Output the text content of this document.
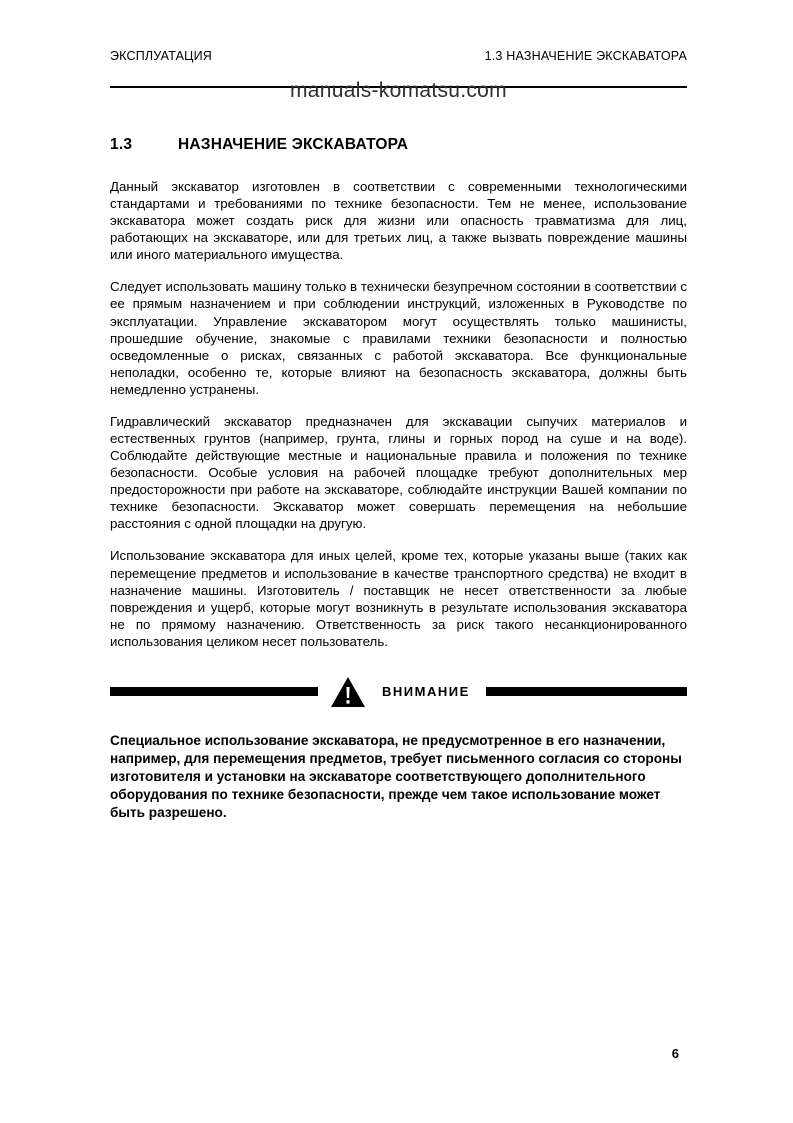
ЭКСПЛУАТАЦИЯ	1.3 НАЗНАЧЕНИЕ ЭКСКАВАТОРА
manuals-komatsu.com
1.3	НАЗНАЧЕНИЕ ЭКСКАВАТОРА

Данный экскаватор изготовлен в соответствии с современными технологическими стандартами и требованиями по технике безопасности. Тем не менее, использование экскаватора может создать риск для жизни или опасность травматизма для лиц, работающих на экскаваторе, или для третьих лиц, а также вызвать повреждение машины или иного материального имущества.

Следует использовать машину только в технически безупречном состоянии в соответствии с ее прямым назначением и при соблюдении инструкций, изложенных в Руководстве по эксплуатации. Управление экскаватором могут осуществлять только машинисты, прошедшие обучение, знакомые с правилами техники безопасности и полностью осведомленные о рисках, связанных с работой экскаватора. Все функциональные неполадки, особенно те, которые влияют на безопасность экскаватора, должны быть немедленно устранены.

Гидравлический экскаватор предназначен для экскавации сыпучих материалов и естественных грунтов (например, грунта, глины и горных пород на суше и на воде). Соблюдайте действующие местные и национальные правила и положения по технике безопасности. Особые условия на рабочей площадке требуют дополнительных мер предосторожности при работе на экскаваторе, соблюдайте инструкции Вашей компании по технике безопасности. Экскаватор может совершать перемещения на небольшие расстояния с одной площадки на другую.

Использование экскаватора для иных целей, кроме тех, которые указаны выше (таких как перемещение предметов и использование в качестве транспортного средства) не входит в назначение машины. Изготовитель / поставщик не несет ответственности за любые повреждения и ущерб, которые могут возникнуть в результате использования экскаватора не по прямому назначению. Ответственность за риск такого несанкционированного использования целиком несет пользователь.

ВНИМАНИЕ

Специальное использование экскаватора, не предусмотренное в его назначении, например, для перемещения предметов, требует письменного согласия со стороны изготовителя и установки на экскаваторе соответствующего дополнительного оборудования по технике безопасности, прежде чем такое использование может быть разрешено.

6
